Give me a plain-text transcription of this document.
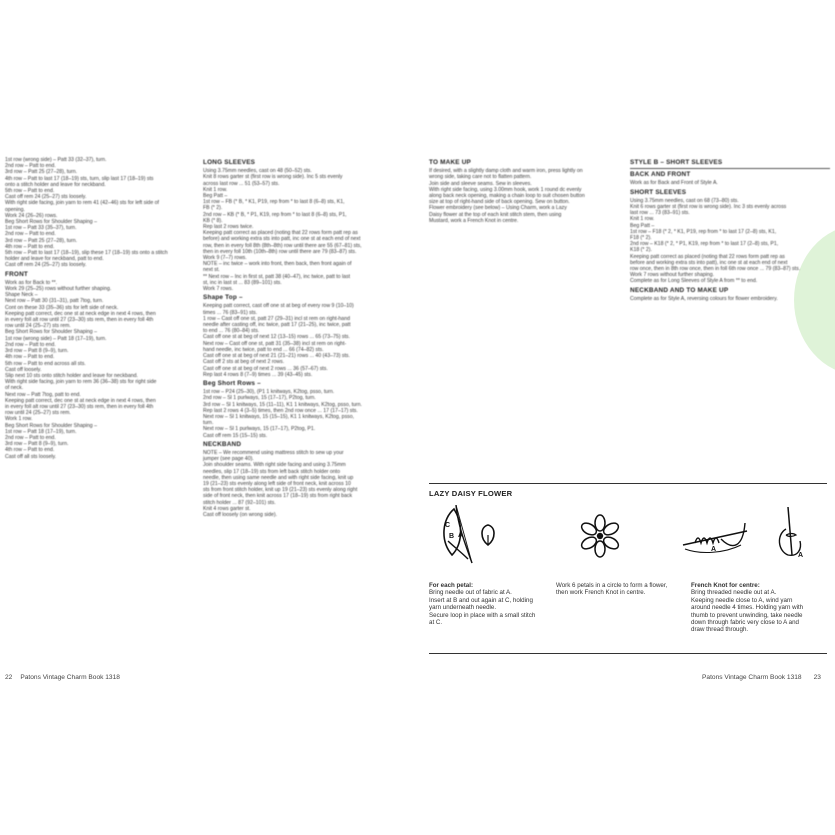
1st row (wrong side) – Patt 33 (32–37), turn.
2nd row – Patt to end.
3rd row – Patt 25 (27–28), turn.
4th row – Patt to last 17 (18–19) sts, turn, slip last 17 (18–19) sts
onto a stitch holder and leave for neckband.
5th row – Patt to end.
Cast off rem 24 (25–27) sts loosely.
With right side facing, join yarn to rem 41 (42–46) sts for left side of
opening.
Work 24 (26–26) rows.
Beg Short Rows for Shoulder Shaping –
1st row – Patt 33 (35–37), turn.
2nd row – Patt to end.
3rd row – Patt 25 (27–28), turn.
4th row – Patt to end.
5th row – Patt to last 17 (18–19), slip these 17 (18–19) sts onto a stitch
holder and leave for neckband, patt to end.
Cast off rem 24 (25–27) sts loosely.
FRONT
Work as for Back to **.
Work 29 (25–25) rows without further shaping.
Shape Neck –
Next row – Patt 30 (31–31), patt 7tog, turn.
Cont on these 33 (35–36) sts for left side of neck.
Keeping patt correct, dec one st at neck edge in next 4 rows, then
in every foll alt row until 27 (23–30) sts rem, then in every foll 4th
row until 24 (25–27) sts rem.
Beg Short Rows for Shoulder Shaping –
1st row (wrong side) – Patt 18 (17–19), turn.
2nd row – Patt to end.
3rd row – Patt 8 (9–9), turn.
4th row – Patt to end.
5th row – Patt to end across all sts.
Cast off loosely.
Slip next 10 sts onto stitch holder and leave for neckband.
With right side facing, join yarn to rem 36 (36–38) sts for right side
of neck.
Next row – Patt 7tog, patt to end.
Keeping patt correct, dec one st at neck edge in next 4 rows, then
in every foll alt row until 27 (23–30) sts rem, then in every foll 4th
row until 24 (25–27) sts rem.
Work 1 row.
Beg Short Rows for Shoulder Shaping –
1st row – Patt 18 (17–19), turn.
2nd row – Patt to end.
3rd row – Patt 8 (9–9), turn.
4th row – Patt to end.
Cast off all sts loosely.
LONG SLEEVES
Using 3.75mm needles, cast on 48 (50–52) sts.
Knit 8 rows garter st (first row is wrong side). Inc 5 sts evenly
across last row ... 51 (53–57) sts.
Knit 1 row.
Beg Patt –
1st row – FB (* B, * K1, P19, rep from * to last 8 (6–8) sts, K1,
FB (* 2).
2nd row – KB (* B, * P1, K19, rep from * to last 8 (6–8) sts, P1,
KB (* 8).
Rep last 2 rows twice.
Keeping patt correct as placed (noting that 22 rows form patt rep as
before) and working extra sts into patt, inc one st at each end of next
row, then in every foll 8th (8th–8th) row until there are 55 (67–81) sts,
then in every foll 10th (10th–8th) row until there are 79 (83–87) sts.
Work 9 (7–7) rows.
NOTE – inc twice – work into front, then back, then front again of
next st.
** Next row – Inc in first st, patt 38 (40–47), inc twice, patt to last
st, inc in last st ... 83 (89–101) sts.
Work 7 rows.
Shape Top –
Keeping patt correct, cast off one st at beg of every row 9 (10–10)
times ... 76 (83–91) sts.
1 row – Cast off one st, patt 27 (29–31) incl st rem on right-hand
needle after casting off, inc twice, patt 17 (21–25), inc twice, patt
to end ... 76 (80–84) sts.
Cast off one st at beg of next 12 (13–15) rows ... 65 (73–75) sts.
Next row – Cast off one st, patt 31 (35–38) incl st rem on right-
hand needle, inc twice, patt to end ... 66 (74–82) sts.
Cast off one st at beg of next 21 (21–21) rows ... 40 (43–73) sts.
Cast off 2 sts at beg of next 2 rows.
Cast off one st at beg of next 2 rows ... 36 (57–67) sts.
Rep last 4 rows 8 (7–9) times ... 39 (43–45) sts.
Beg Short Rows –
1st row – P24 (25–30), (P1 1 knitways, K2tog, psso, turn.
2nd row – Sl 1 purlways, 15 (17–17), P2tog, turn.
3rd row – Sl 1 knitways, 15 (11–11), K1 1 knitways, K2tog, psso, turn.
Rep last 2 rows 4 (3–5) times, then 2nd row once ... 17 (17–17) sts.
Next row – Sl 1 knitways, 15 (15–15), K1 1 knitways, K2tog, psso,
turn.
Next row – Sl 1 purlways, 15 (17–17), P2tog, P1.
Cast off rem 15 (15–15) sts.
NECKBAND
NOTE – We recommend using mattress stitch to sew up your
jumper (see page 40).
Join shoulder seams. With right side facing and using 3.75mm
needles, slip 17 (18–19) sts from left back stitch holder onto
needle, then using same needle and with right side facing, knit up
19 (21–23) sts evenly along left side of front neck, knit across 10
sts from front stitch holder, knit up 19 (21–23) sts evenly along right
side of front neck, then knit across 17 (18–19) sts from right back
stitch holder ... 87 (92–101) sts.
Knit 4 rows garter st.
Cast off loosely (on wrong side).
TO MAKE UP
If desired, with a slightly damp cloth and warm iron, press lightly on
wrong side, taking care not to flatten pattern.
Join side and sleeve seams. Sew in sleeves.
With right side facing, using 3.00mm hook, work 1 round dc evenly
along back neck opening, making a chain loop to suit chosen button
size at top of right-hand side of back opening. Sew on button.
Flower embroidery (see below) – Using Charm, work a Lazy
Daisy flower at the top of each knit stitch stem, then using
Mustard, work a French Knot in centre.
STYLE B – SHORT SLEEVES
BACK AND FRONT
Work as for Back and Front of Style A.
SHORT SLEEVES
Using 3.75mm needles, cast on 68 (73–80) sts.
Knit 6 rows garter st (first row is wrong side). Inc 3 sts evenly across
last row ... 73 (83–91) sts.
Knit 1 row.
Beg Patt –
1st row – F18 (* 2, * K1, P19, rep from * to last 17 (2–8) sts, K1,
F18 (* 2).
2nd row – K18 (* 2, * P1, K19, rep from * to last 17 (2–8) sts, P1,
K18 (* 2).
Keeping patt correct as placed (noting that 22 rows form patt rep as
before and working extra sts into patt), inc one st at each end of next
row once, then in 8th row once, then in foll 6th row once ... 79 (83–87) sts.
Work 7 rows without further shaping.
Complete as for Long Sleeves of Style A from ** to end.
NECKBAND AND TO MAKE UP
Complete as for Style A, reversing colours for flower embroidery.
LAZY DAISY FLOWER
C
B A
A
A
For each petal:
Bring needle out of fabric at A.
Insert at B and out again at C, holding
yarn underneath needle.
Secure loop in place with a small stitch
at C.
Work 6 petals in a circle to form a flower,
then work French Knot in centre.
French Knot for centre:
Bring threaded needle out at A.
Keeping needle close to A, wind yarn
around needle 4 times. Holding yarn with
thumb to prevent unwinding, take needle
down through fabric very close to A and
draw thread through.
22 Patons Vintage Charm Book 1318	Patons Vintage Charm Book 1318 23
